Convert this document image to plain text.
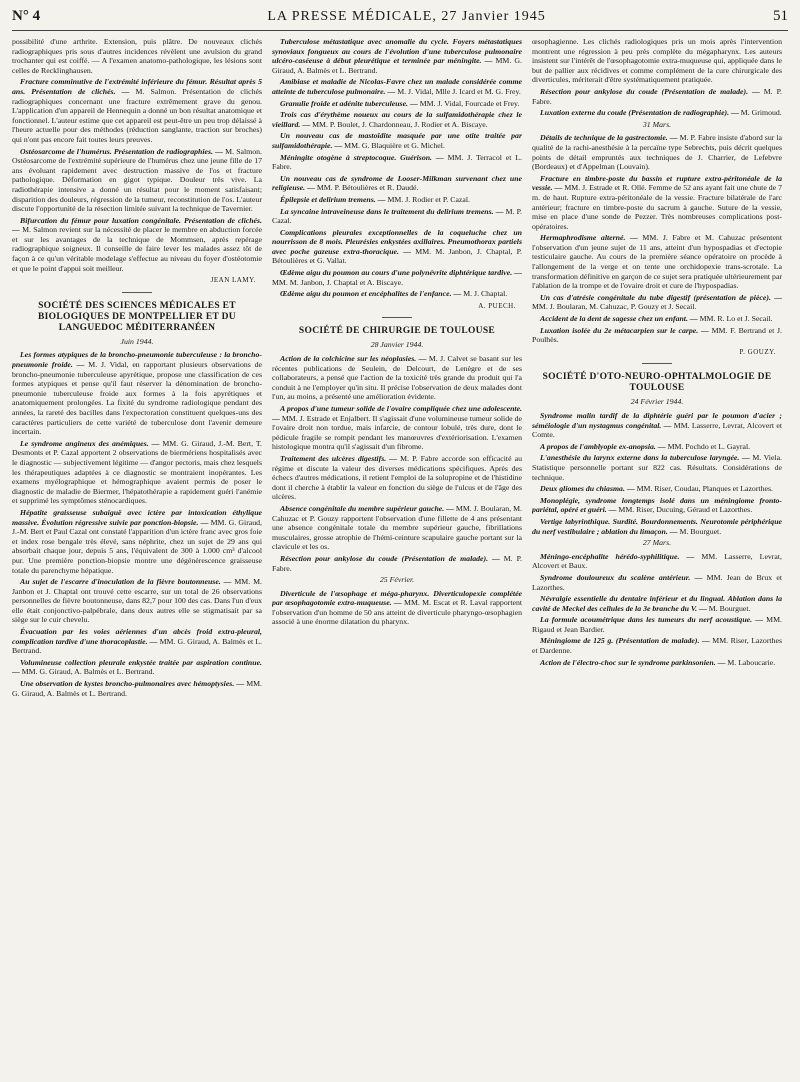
N° 4	LA PRESSE MÉDICALE, 27 Janvier 1945	51

possibilité d'une arthrite. Extension, puis plâtre. De nouveaux clichés radiographiques pris sous d'autres incidences révèlent une avulsion du grand trochanter qui est coiffé. — A l'examen anatomo-pathologique, les lésions sont celles de Recklinghausen.

Fracture comminutive de l'extrémité inférieure du fémur. Résultat après 5 ans. Présentation de clichés. — M. Salmon. Présentation de clichés radiographiques concernant une fracture extrêmement grave du genou. L'application d'un appareil de Hennequin a donné un bon résultat anatomique et fonctionnel. L'auteur estime que cet appareil est peut-être un peu trop délaissé à l'heure actuelle pour des méthodes (réduction sanglante, traction sur broches) qui n'ont pas encore fait toutes leurs preuves.

Ostéosarcome de l'humérus. Présentation de radiographies. — M. Salmon. Ostéosarcome de l'extrémité supérieure de l'humérus chez une jeune fille de 17 ans évoluant rapidement avec destruction massive de l'os et fracture pathologique. Déformation en gigot typique. Douleur très vive. La radiothérapie intensive a donné un résultat pour le moment satisfaisant; disparition des douleurs, régression de la tumeur, reconstitution de l'os. L'auteur discute l'opportunité de la résection limitée suivant la technique de Tavernier.

Bifurcation du fémur pour luxation congénitale. Présentation de clichés. — M. Salmon revient sur la nécessité de placer le membre en abduction forcée et sur les avantages de la technique de Mommsen, après repérage radiographique soigneux. Il conseille de faire lever les malades assez tôt de façon à ce qu'un véritable modelage s'effectue au niveau du foyer d'ostéotomie et que le point d'appui soit meilleur.

JEAN LAMY.
SOCIÉTÉ DES SCIENCES MÉDICALES ET BIOLOGIQUES DE MONTPELLIER ET DU LANGUEDOC MÉDITERRANÉEN
Juin 1944.

Les formes atypiques de la broncho-pneumonie tuberculeuse : la broncho-pneumonie froide. — M. J. Vidal, en rapportant plusieurs observations de broncho-pneumonie tuberculeuse apyrétique, propose une classification de ces formes atypiques et pense qu'il faut réserver la dénomination de broncho-pneumonie tuberculeuse froide aux formes à la fois apyrétiques et anatomiquement prolongées. La fixité du syndrome radiologique pendant des années, la rareté des bacilles dans l'expectoration constituent quelques-uns des caractères particuliers de cette variété de tuberculose dont l'avenir demeure incertain.

Le syndrome angineux des anémiques. — MM. G. Giraud, J.-M. Bert, T. Desmonts et P. Cazal apportent 2 observations de biermériens hospitalisés avec le diagnostic — subjectivement légitime — d'angor pectoris, mais chez lesquels les thérapeutiques adaptées à ce diagnostic se montraient inopérantes. Les examens myélographique et hémographique avaient permis de poser le diagnostic de maladie de Biermer, l'hépatothérapie a rapidement guéri l'anémie et supprimé les symptômes sténocardiques.

Hépatite graisseuse subaiguë avec ictère par intoxication éthylique massive. Évolution régressive suivie par ponction-biopsie. — MM. G. Giraud, J.-M. Bert et Paul Cazal ont constaté l'apparition d'un ictère franc avec gros foie et index rose bengale très élevé, sans néphrite, chez un sujet de 29 ans qui absorbait chaque jour, depuis 5 ans, l'équivalent de 300 à 1.000 cm³ d'alcool pur. Une première ponction-biopsie montre une dégénérescence graisseuse totale du parenchyme hépatique.

Au sujet de l'escarre d'inoculation de la fièvre boutonneuse. — MM. M. Janbon et J. Chaptal ont trouvé cette escarre, sur un total de 26 observations personnelles de fièvre boutonneuse, dans 82,7 pour 100 des cas. Dans l'un d'eux elle était conjonctivo-palpébrale, dans deux autres elle se stigmatisait par sa siège sur le cuir chevelu.

Évacuation par les voies aériennes d'un abcès froid extra-pleural, complication tardive d'une thoracoplastie. — MM. G. Giraud, A. Balmès et L. Bertrand.

Volumineuse collection pleurale enkystée traitée par aspiration continue. — MM. G. Giraud, A. Balmès et L. Bertrand.

Une observation de kystes broncho-pulmonaires avec hémoptysies. — MM. G. Giraud, A. Balmès et L. Bertrand.

Tuberculose métastatique avec anomalie du cycle. Foyers métastatiques synoviaux fongueux au cours de l'évolution d'une tuberculose pulmonaire ulcéro-caséeuse à début pleurétique et terminée par méningite. — MM. G. Giraud, A. Balmès et L. Bertrand.

Amibiase et maladie de Nicolas-Favre chez un malade considérée comme atteinte de tuberculose pulmonaire. — M. J. Vidal, Mlle J. Icard et M. G. Frey.

Granulie froide et adénite tuberculeuse. — MM. J. Vidal, Fourcade et Frey.

Trois cas d'érythème noueux au cours de la sulfamidothérapie chez le vieillard. — MM. P. Boulet, J. Chardonneau, J. Rodier et A. Biscaye.

Un nouveau cas de mastoïdite masquée par une otite traitée par sulfamidothérapie. — MM. G. Blaquière et G. Michel.

Méningite otogène à streptocoque. Guérison. — MM. J. Terracol et L. Fabre.

Un nouveau cas de syndrome de Looser-Milkman survenant chez une religieuse. — MM. P. Bétoulières et R. Daudé.

Épilepsie et delirium tremens. — MM. J. Rodier et P. Cazal.

La syncaine intraveineuse dans le traitement du delirium tremens. — M. P. Cazal.

Complications pleurales exceptionnelles de la coqueluche chez un nourrisson de 8 mois. Pleurésies enkystées axillaires. Pneumothorax partiels avec poche gazeuse extra-thoracique. — MM. M. Janbon, J. Chaptal, P. Bétoulières et G. Vallat.

Œdème aigu du poumon au cours d'une polynévrite diphtérique tardive. — MM. M. Janbon, J. Chaptal et A. Biscaye.

Œdème aigu du poumon et encéphalites de l'enfance. — M. J. Chaptal.

A. PUECH.
SOCIÉTÉ DE CHIRURGIE DE TOULOUSE
28 Janvier 1944.

Action de la colchicine sur les néoplasies. — M. J. Calvet se basant sur les récentes publications de Seulein, de Delcourt, de Lenègre et de ses collaborateurs, a pensé que l'action de la toxicité très grande du produit qui l'a conduit à ne l'employer qu'in situ. Il précise l'observation de deux malades dont l'un, au moins, a présenté une amélioration évidente.

A propos d'une tumeur solide de l'ovaire compliquée chez une adolescente. — MM. J. Estrade et Enjalbert. Il s'agissait d'une volumineuse tumeur solide de l'ovaire droit non tordue, mais infarcie, de contour lobulé, très dure, dont le pédicule fragile se rompit pendant les manœuvres d'extériorisation. L'examen histologique montra qu'il s'agissait d'un fibrome.

Traitement des ulcères digestifs. — M. P. Fabre accorde son efficacité au régime et discute la valeur des diverses médications spécifiques. Après des échecs d'autres médications, il retient l'emploi de la solupropine et de l'histidine dont il cherche à établir la valeur en fonction du siège de l'ulcus et de l'âge des ulcères.

Absence congénitale du membre supérieur gauche. — MM. J. Boularan, M. Cahuzac et P. Gouzy rapportent l'observation d'une fillette de 4 ans présentant une absence congénitale totale du membre supérieur gauche, fibrillations musculaires, grosse atrophie de l'hémi-ceinture scapulaire gauche portant sur la clavicule et les os.

Résection pour ankylose du coude (Présentation de malade). — M. P. Fabre.

25 Février.

Diverticule de l'œsophage et méga-pharynx. Diverticulopexie complétée par œsophagotomie extra-muqueuse. — MM. M. Escat et R. Laval rapportent l'observation d'un homme de 50 ans atteint de diverticule pharyngo-œsophagien associé à une énorme dilatation du pharynx.

œsophagienne. Les clichés radiologiques pris un mois après l'intervention montrent une régression à peu près complète du mégapharynx. Les auteurs insistent sur l'intérêt de l'œsophagotomie extra-muqueuse qui, appliquée dans le but de pallier aux récidives et comme complément de la cure chirurgicale des diverticules, mériterait d'être systématiquement pratiquée.

Résection pour ankylose du coude (Présentation de malade). — M. P. Fabre.

Luxation externe du coude (Présentation de radiographie). — M. Grimoud.

31 Mars.

Détails de technique de la gastrectomie. — M. P. Fabre insiste d'abord sur la qualité de la rachi-anesthésie à la percaïne type Sebrechts, puis décrit quelques points de détail empruntés aux techniques de J. Charrier, de Lefebvre (Bordeaux) et d'Appelman (Louvain).

Fracture en timbre-poste du bassin et rupture extra-péritonéale de la vessie. — MM. J. Estrade et R. Ollé. Femme de 52 ans ayant fait une chute de 7 m. de haut. Rupture extra-péritonéale de la vessie. Fracture bilatérale de l'arc antérieur; fracture en timbre-poste du sacrum à gauche. Suture de la vessie, mise en place d'une sonde de Pezzer. Très nombreuses complications post-opératoires.

Hermaphrodisme alterné. — MM. J. Fabre et M. Cahuzac présentent l'observation d'un jeune sujet de 11 ans, atteint d'un hypospadias et d'ectopie testiculaire gauche. Au cours de la première séance opératoire on procède à l'allongement de la verge et on tente une orchidopexie trans-scrotale. La transformation définitive en garçon de ce sujet sera pratiquée ultérieurement par l'ablation de la trompe et de l'ovaire droit et cure de l'hypospadias.

Un cas d'atrésie congénitale du tube digestif (présentation de pièce). — MM. J. Boularan, M. Cahuzac, P. Gouzy et J. Secail.

Accident de la dent de sagesse chez un enfant. — MM. R. Lo et J. Secail.

Luxation isolée du 2e métacarpien sur le carpe. — MM. F. Bertrand et J. Poulhès.

P. GOUZY.
SOCIÉTÉ D'OTO-NEURO-OPHTALMOLOGIE DE TOULOUSE
24 Février 1944.

Syndrome malin tardif de la diphtérie guéri par le poumon d'acier ; séméiologie d'un nystagmus congénital. — MM. Lasserre, Levrat, Alcovert et Comte.

A propos de l'amblyopie ex-anopsia. — MM. Pochdo et L. Gayral.

L'anesthésie du larynx externe dans la tuberculose laryngée. — M. Viela. Statistique personnelle portant sur 822 cas. Résultats. Considérations de technique.

Deux gliomes du chiasma. — MM. Riser, Coudau, Planques et Lazorthes.

Monoplégie, syndrome longtemps isolé dans un méningiome fronto-pariétal, opéré et guéri. — MM. Riser, Ducuing, Géraud et Lazorthes.

Vertige labyrinthique. Surdité. Bourdonnements. Neurotomie périphérique du nerf vestibulaire ; ablation du limaçon. — M. Bourguet.

27 Mars.

Méningo-encéphalite hérédo-syphilitique. — MM. Lasserre, Levrat, Alcovert et Baux.

Syndrome douloureux du scalène antérieur. — MM. Jean de Brux et Lazorthes.

Névralgie essentielle du dentaire inférieur et du lingual. Ablation dans la cavité de Meckel des cellules de la 3e branche du V. — M. Bourguet.

La formule acoumétrique dans les tumeurs du nerf acoustique. — MM. Rigaud et Jean Bardier.

Méningiome de 125 g. (Présentation de malade). — MM. Riser, Lazorthes et Dardenne.

Action de l'électro-choc sur le syndrome parkinsonien. — M. Laboucarie.
